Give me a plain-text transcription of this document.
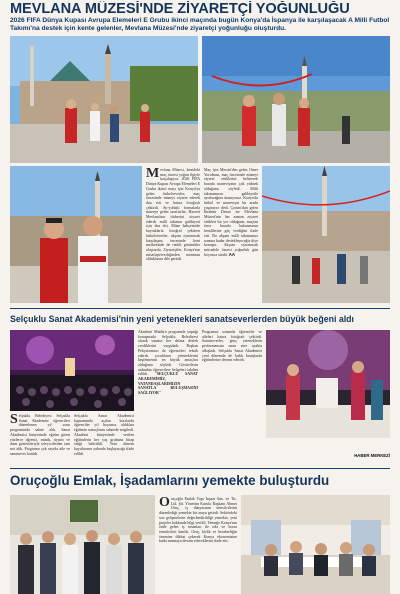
MEVLANA MÜZESİ'NDE ZİYARETÇİ YOĞUNLUĞU
2026 FIFA Dünya Kupası Avrupa Elemeleri E Grubu ikinci maçında bugün Konya'da İspanya ile karşılaşacak A Milli Futbol Takımı'na destek için kente gelenler, Mevlana Müzesi'nde ziyaretçi yoğunluğu oluşturdu.
Mevlana Müzesi, kentdeki maç öncesi yoğun ilgiyle karşılaşıyor. 2026 FIFA Dünya Kupası Avrupa Elemeleri E Grubu ikinci maçı için Konya'ya gelen futbolseverler, maç öncesinde müzeyi ziyaret ederek dua etti ve hatıra fotoğrafı çektirdi. Ay-yıldızlı formalarla müzeye gelen taraftarlar, Hazreti Mevlana'nın türbesini ziyaret ederek milli takımın galibiyeti için dua etti. Müze bahçesinde bayraklarla fotoğraf çektiren futbolseverler, akşam oynanacak karşılaşma öncesinde kent merkezinde de renkli görüntüler oluşturdu. Ziyaretçiler, Konya'nın misafirperverliğinden memnun olduklarını dile getirdi.
Maç için Mersin'den gelen Ömer Yorulmaz, maç öncesinde müzeyi ziyaret ettiklerini belirterek burada maneviyatın çok yüksek olduğunu söyledi. Milli takımımızın galibiyetle ayrılacağına inanıyoruz. Konya'da futbol ve maneviyat bir arada yaşanıyor dedi. Çorum'dan gelen İbrahim Demir ise Mevlana Müzesi'nin her zaman ziyaret ettikleri bir yer olduğunu, maçtan önce burada bulunmanın kendilerine güç verdiğini ifade etti. Bu akşam milli takımımızı sonuna kadar destekleyeceğiz diye konuştu. Akşam oynanacak mücadele öncesi yoğunluk gün boyunca sürdü. AA
Selçuklu Sanat Akademisi'nin yeni yetenekleri sanatseverlerden büyük beğeni aldı
Selçuklu Belediyesi Selçuklu Sanat Akademisi öğrencileri düzenlenen yıl sonu programında sahne aldı. Sanat Akademisi bünyesinde eğitim gören yüzlerce öğrenci, müzik, tiyatro ve dans gösterileriyle izleyicilerden tam not aldı. Programa çok sayıda aile ve sanatsever katıldı.
Selçuklu Sanat Akademisi kapsamında açılan kurslarda öğrenciler yıl boyunca aldıkları eğitimin sonuçlarını sahnede sergiledi. Akademi bünyesinde verilen eğitimlerin her yaş grubuna hitap ettiği belirtildi. Yeni dönem kayıtlarının yakında başlayacağı ifade edildi.
Akademi Müdürü programda yaptığı konuşmada Selçuklu Belediyesi olarak sanatın her dalına destek verdiklerini vurguladı. Başkan Pekyatırmacı da öğrencileri tebrik ederek çocukların yeteneklerini keşfetmenin en büyük amaçları olduğunu söyledi. Gösterilerin ardından öğrencilere belgeleri takdim edildi. "SELÇUKLU SANAT AKADEMİMİZ, VATANDAŞLARIMIZIN SANATLA BULUŞMASINI SAĞLIYOR"
Programın sonunda öğrenciler ve aileleri hatıra fotoğrafı çektirdi. Sanatseverler, genç yeteneklerin performansını uzun süre ayakta alkışladı. Selçuklu Sanat Akademisi yeni dönemde de farklı branşlarda eğitimlerine devam edecek.
HABER MERKEZİ
Oruçoğlu Emlak, İşadamlarını yemekte buluşturdu
Oruçoğlu Emlak Yapı İnşaat San. ve Tic. Ltd. Şti. Yönetim Kurulu Başkanı Ahmet Oruç, iş dünyasının temsilcilerini düzenlediği yemekte bir araya getirdi. Sektördeki son gelişmelerin değerlendirildiği yemekte, yeni projeler hakkında bilgi verildi. Yemeğe Konya'nın önde gelen iş insanları ile oda ve borsa temsilcileri katıldı. Oruç, birlik ve beraberliğin önemine dikkat çekerek Konya ekonomisine katkı sunmaya devam edeceklerini ifade etti.
